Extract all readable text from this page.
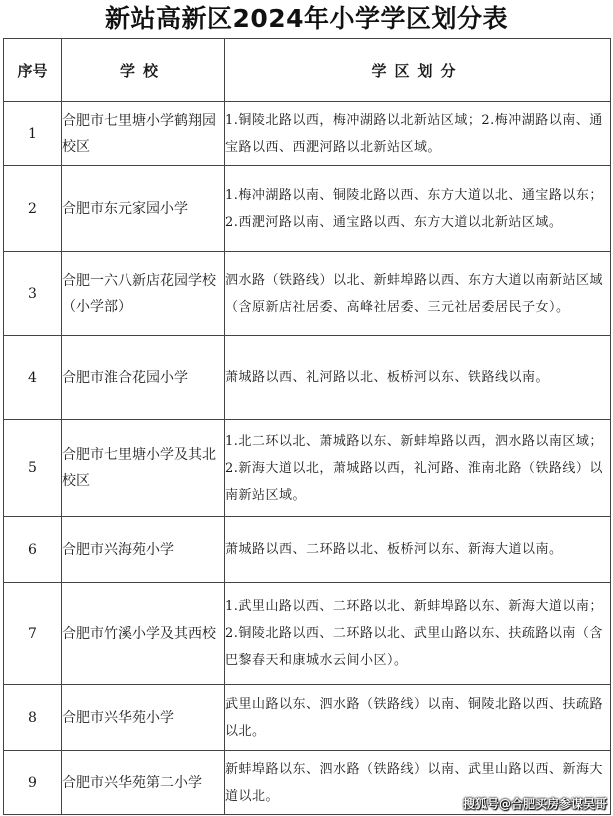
新站高新区2024年小学学区划分表
序号	学校	学区划分
1	合肥市七里塘小学鹤翔园校区	1.铜陵北路以西，梅冲湖路以北新站区域；2.梅冲湖路以南、通宝路以西、西淝河路以北新站区域。
2	合肥市东元家园小学	1.梅冲湖路以南、铜陵北路以西、东方大道以北、通宝路以东；2.西淝河路以南、通宝路以西、东方大道以北新站区域。
3	合肥一六八新店花园学校（小学部）	泗水路（铁路线）以北、新蚌埠路以西、东方大道以南新站区域（含原新店社居委、高峰社居委、三元社居委居民子女）。
4	合肥市淮合花园小学	萧城路以西、礼河路以北、板桥河以东、铁路线以南。
5	合肥市七里塘小学及其北校区	1.北二环以北、萧城路以东、新蚌埠路以西，泗水路以南区域；2.新海大道以北，萧城路以西，礼河路、淮南北路（铁路线）以南新站区域。
6	合肥市兴海苑小学	萧城路以西、二环路以北、板桥河以东、新海大道以南。
7	合肥市竹溪小学及其西校	1.武里山路以西、二环路以北、新蚌埠路以东、新海大道以南；2.铜陵北路以西、二环路以北、武里山路以东、扶疏路以南（含巴黎春天和康城水云间小区）。
8	合肥市兴华苑小学	武里山路以东、泗水路（铁路线）以南、铜陵北路以西、扶疏路以北。
9	合肥市兴华苑第二小学	新蚌埠路以东、泗水路（铁路线）以南、武里山路以西、新海大道以北。
搜狐号@合肥买房参谋吴哥
